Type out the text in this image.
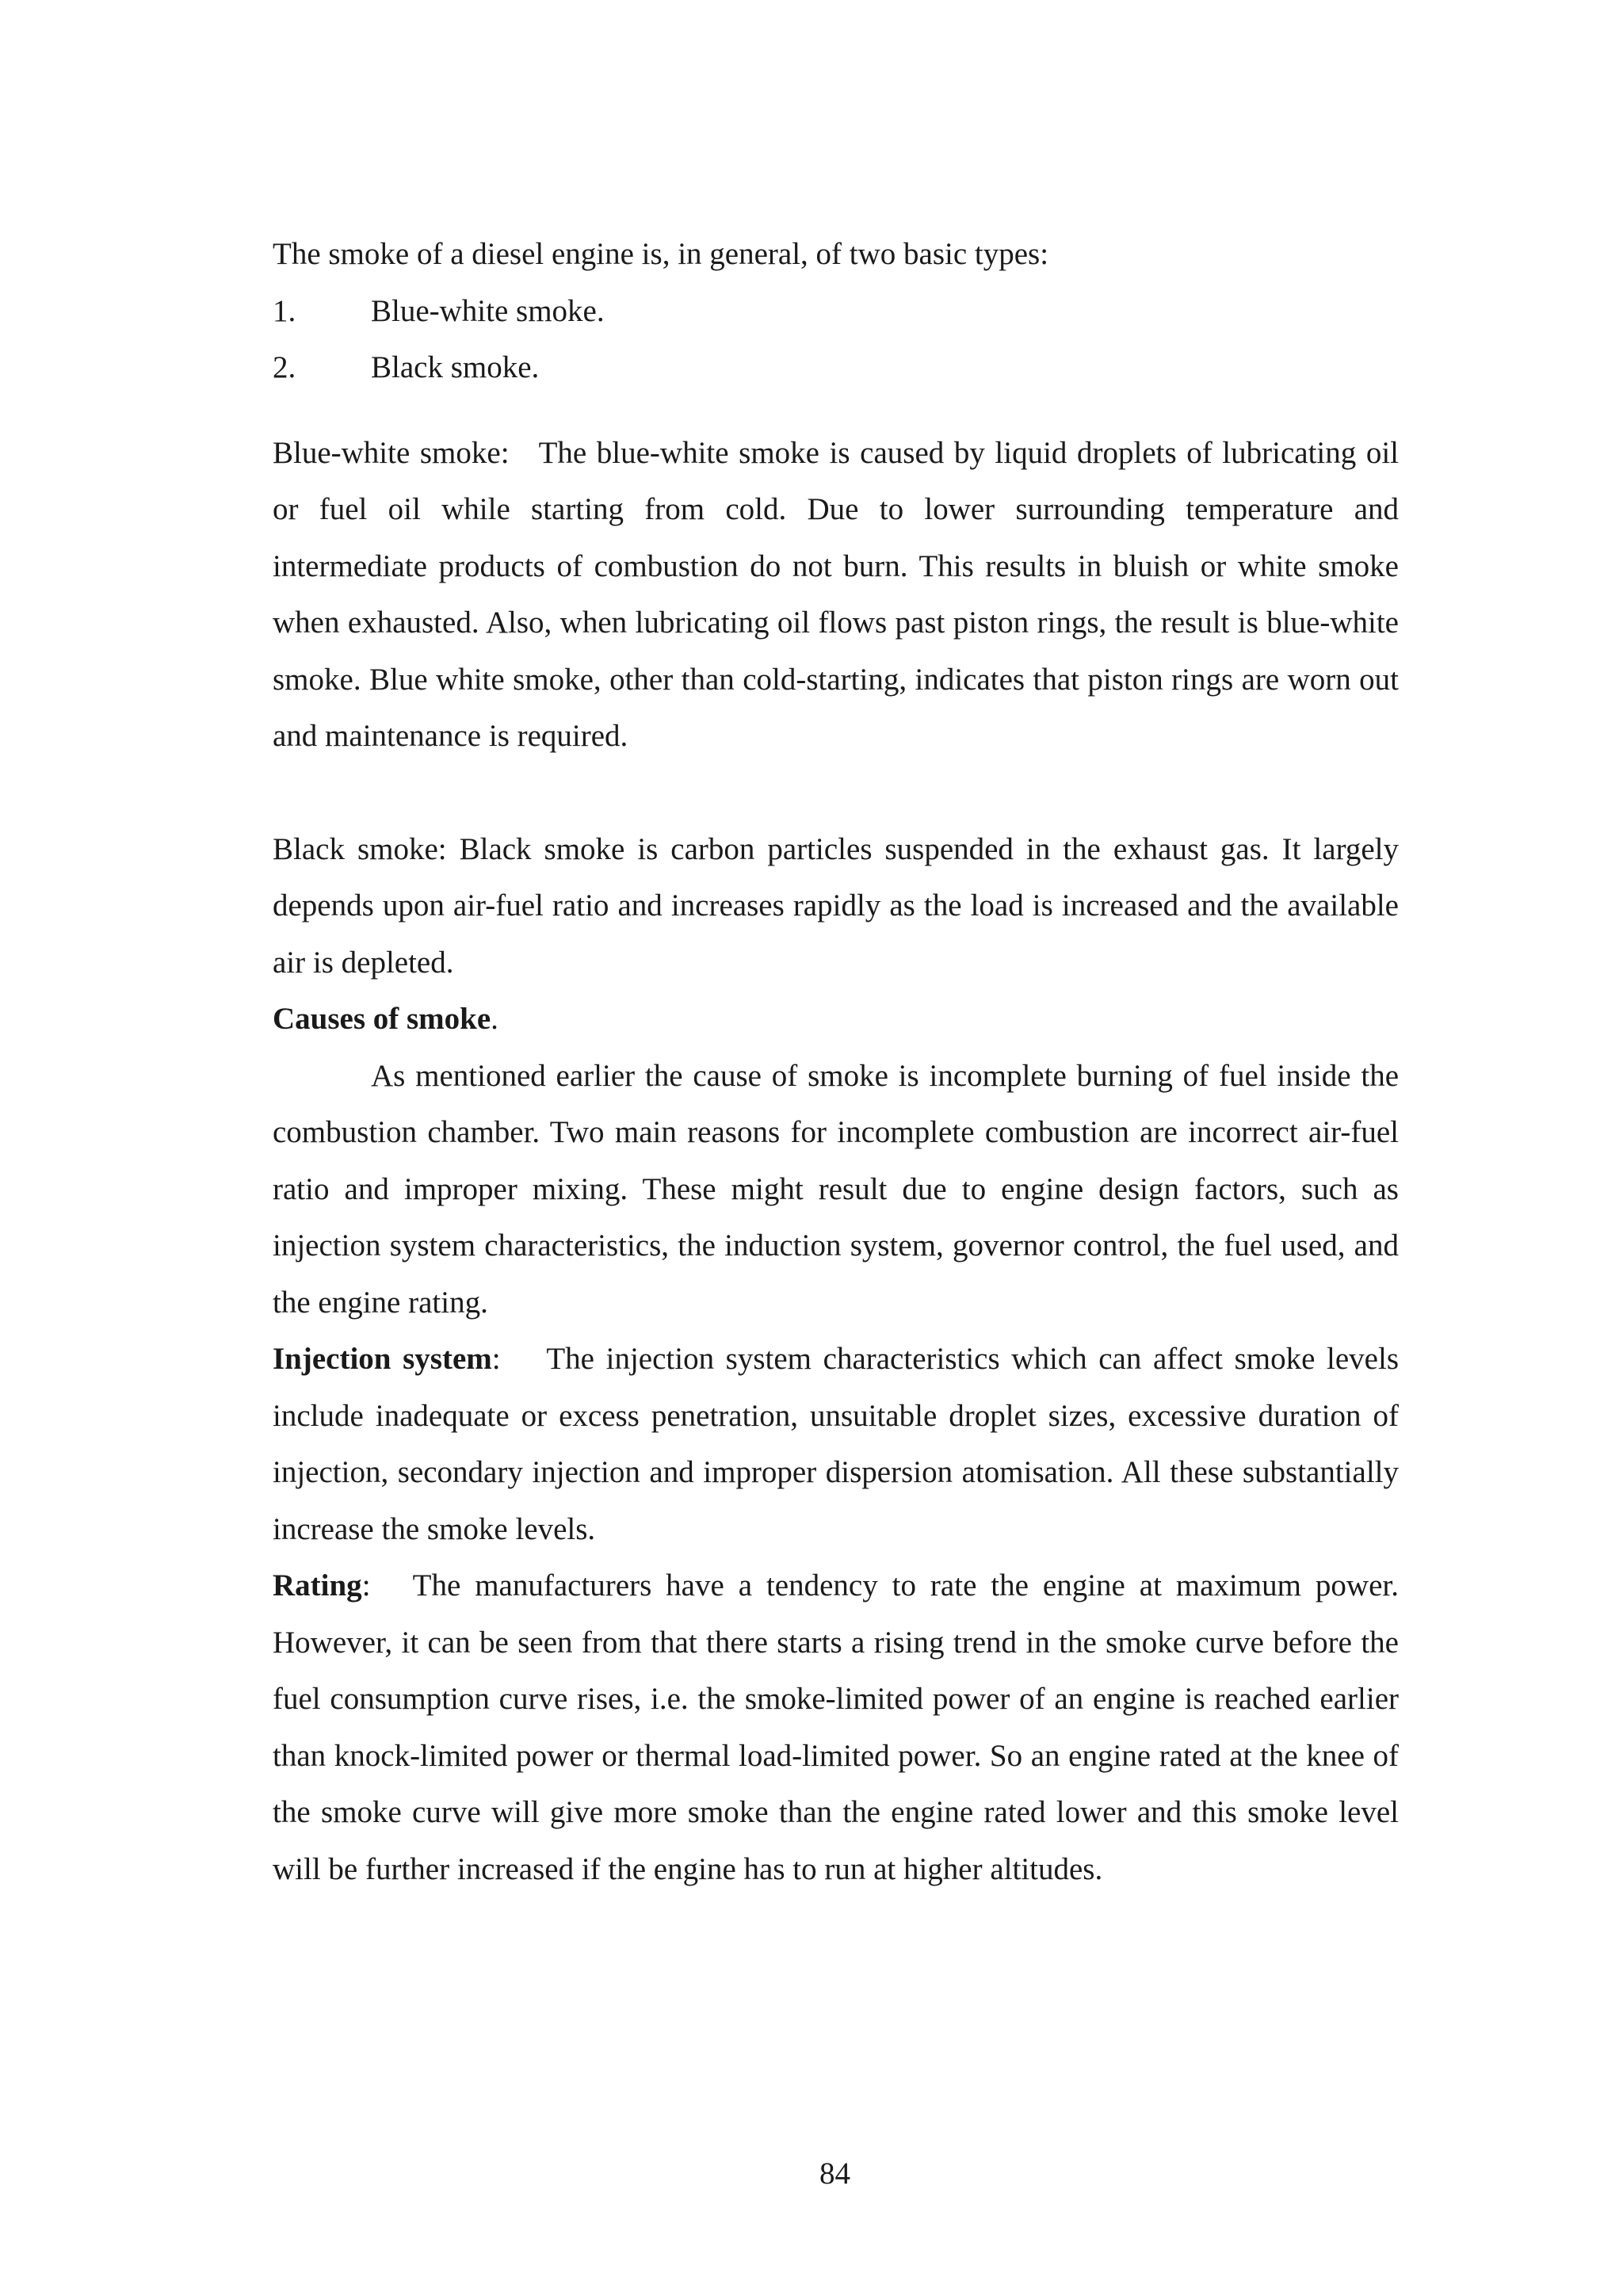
The smoke of a diesel engine is, in general, of two basic types:

1. Blue-white smoke.

2. Black smoke.

Blue-white smoke: The blue-white smoke is caused by liquid droplets of lubricating oil or fuel oil while starting from cold. Due to lower surrounding temperature and intermediate products of combustion do not burn. This results in bluish or white smoke when exhausted. Also, when lubricating oil flows past piston rings, the result is blue-white smoke. Blue white smoke, other than cold-starting, indicates that piston rings are worn out and maintenance is required.

Black smoke: Black smoke is carbon particles suspended in the exhaust gas. It largely depends upon air-fuel ratio and increases rapidly as the load is increased and the available air is depleted.

Causes of smoke.

As mentioned earlier the cause of smoke is incomplete burning of fuel inside the combustion chamber. Two main reasons for incomplete combustion are incorrect air-fuel ratio and improper mixing. These might result due to engine design factors, such as injection system characteristics, the induction system, governor control, the fuel used, and the engine rating.

Injection system: The injection system characteristics which can affect smoke levels include inadequate or excess penetration, unsuitable droplet sizes, excessive duration of injection, secondary injection and improper dispersion atomisation. All these substantially increase the smoke levels.

Rating: The manufacturers have a tendency to rate the engine at maximum power. However, it can be seen from that there starts a rising trend in the smoke curve before the fuel consumption curve rises, i.e. the smoke-limited power of an engine is reached earlier than knock-limited power or thermal load-limited power. So an engine rated at the knee of the smoke curve will give more smoke than the engine rated lower and this smoke level will be further increased if the engine has to run at higher altitudes.

84
